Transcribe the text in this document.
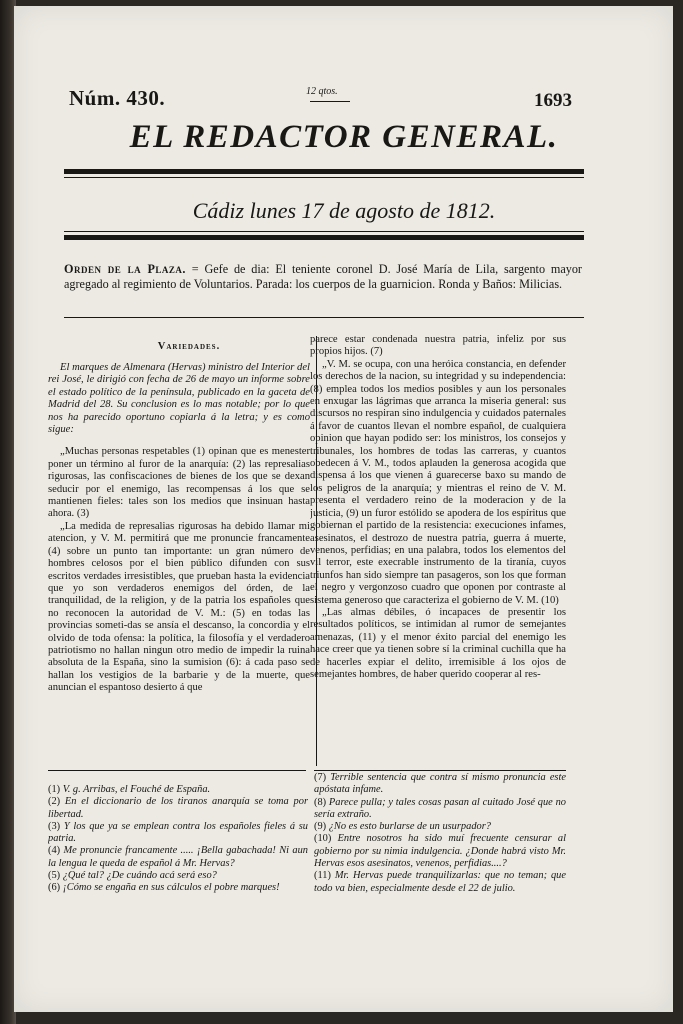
Núm. 430.	12 qtos.	1693
EL REDACTOR GENERAL.
Cádiz lunes 17 de agosto de 1812.
Orden de la Plaza. = Gefe de dia: El teniente coronel D. José María de Lila, sargento mayor agregado al regimiento de Voluntarios. Parada: los cuerpos de la guarnicion. Ronda y Baños: Milicias.
Variedades.

El marques de Almenara (Hervas) ministro del Interior del rei José, le dirigió con fecha de 26 de mayo un informe sobre el estado político de la península, publicado en la gaceta de Madrid del 28. Su conclusion es lo mas notable; por lo que nos ha parecido oportuno copiarla á la letra; y es como sigue:

„Muchas personas respetables (1) opinan que es menester poner un término al furor de la anarquía: (2) las represalias rigurosas, las confiscaciones de bienes de los que se dexan seducir por el enemigo, las recompensas á los que se mantienen fieles: tales son los medios que insinuan hasta ahora. (3)

„La medida de represalias rigurosas ha debido llamar mi atencion, y V. M. permitirá que me pronuncie francamente (4) sobre un punto tan importante: un gran número de hombres celosos por el bien público difunden con sus escritos verdades irresistibles, que prueban hasta la evidencia que yo son verdaderos enemigos del órden, de la tranquilidad, de la religion, y de la patria los españoles que no reconocen la autoridad de V. M.: (5) en todas las provincias someti-das se ansía el descanso, la concordia y el olvido de toda ofensa: la política, la filosofía y el verdadero patriotismo no hallan ningun otro medio de impedir la ruina absoluta de la España, sino la sumision (6): á cada paso se hallan los vestigios de la barbarie y de la muerte, que anuncian el espantoso desierto á que

parece estar condenada nuestra patria, infeliz por sus propios hijos. (7)

„V. M. se ocupa, con una heróica constancia, en defender los derechos de la nacion, su integridad y su independencia: (8) emplea todos los medios posibles y aun los personales en enxugar las lágrimas que arranca la miseria general: sus discursos no respiran sino indulgencia y cuidados paternales á favor de cuantos llevan el nombre español, de cualquiera opinion que hayan podido ser: los ministros, los consejos y tribunales, los hombres de todas las carreras, y cuantos obedecen á V. M., todos aplauden la generosa acogida que dispensa á los que vienen á guarecerse baxo su mando de los peligros de la anarquía; y mientras el reino de V. M. presenta el verdadero reino de la moderacion y de la justicia, (9) un furor estólido se apodera de los espíritus que gobiernan el partido de la resistencia: execuciones infames, asesinatos, el destrozo de nuestra patria, guerra á muerte, venenos, perfidias; en una palabra, todos los elementos del vil terror, este execrable instrumento de la tiranía, cuyos triunfos han sido siempre tan pasageros, son los que forman el negro y vergonzoso cuadro que oponen por contraste al sistema generoso que caracteriza el gobierno de V. M. (10)

„Las almas débiles, ó incapaces de presentir los resultados políticos, se intimidan al rumor de semejantes amenazas, (11) y el menor éxito parcial del enemigo les hace creer que ya tienen sobre sí la criminal cuchilla que ha de hacerles expiar el delito, irremisible á los ojos de semejantes hombres, de haber querido cooperar al res-

(1) V. g. Arribas, el Fouché de España.
(2) En el diccionario de los tiranos anarquía se toma por libertad.
(3) Y los que ya se emplean contra los españoles fieles á su patria.
(4) Me pronuncie francamente ..... ¡Bella gabachada! Ni aun la lengua le queda de español á Mr. Hervas?
(5) ¿Qué tal? ¿De cuándo acá será eso?
(6) ¡Cómo se engaña en sus cálculos el pobre marques!
(7) Terrible sentencia que contra sí mismo pronuncia este apóstata infame.
(8) Parece pulla; y tales cosas pasan al cuitado José que no sería extraño.
(9) ¿No es esto burlarse de un usurpador?
(10) Entre nosotros ha sido muí frecuente censurar al gobierno por su nimia indulgencia. ¿Donde habrá visto Mr. Hervas esos asesinatos, venenos, perfidias....?
(11) Mr. Hervas puede tranquilizarlas: que no teman; que todo va bien, especialmente desde el 22 de julio.
